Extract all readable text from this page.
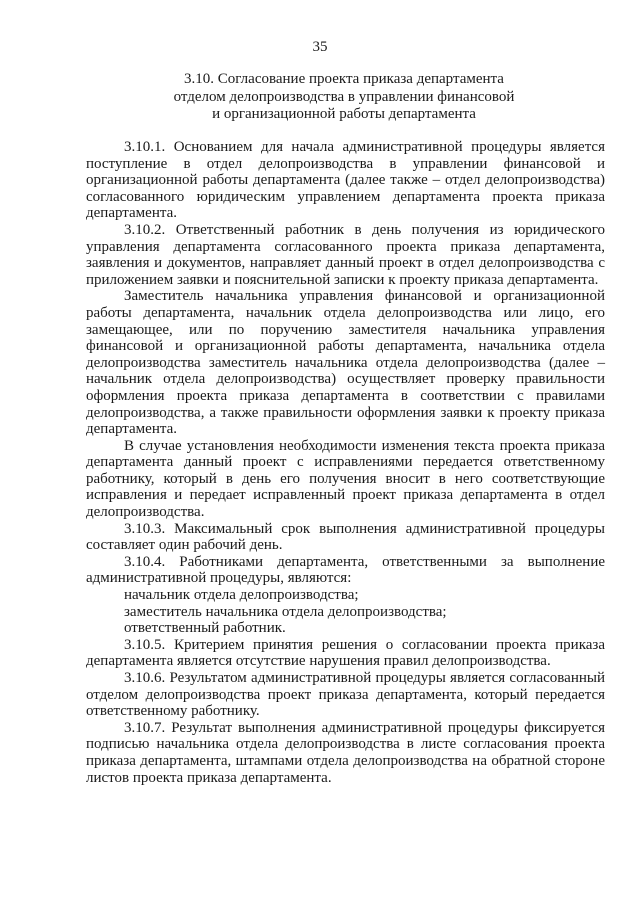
35
3.10. Согласование проекта приказа департамента
отделом делопроизводства в управлении финансовой
и организационной работы департамента

3.10.1. Основанием для начала административной процедуры является поступление в отдел делопроизводства в управлении финансовой и организационной работы департамента (далее также – отдел делопроизводства) согласованного юридическим управлением департамента проекта приказа департамента.

3.10.2. Ответственный работник в день получения из юридического управления департамента согласованного проекта приказа департамента, заявления и документов, направляет данный проект в отдел делопроизводства с приложением заявки и пояснительной записки к проекту приказа департамента.

Заместитель начальника управления финансовой и организационной работы департамента, начальник отдела делопроизводства или лицо, его замещающее, или по поручению заместителя начальника управления финансовой и организационной работы департамента, начальника отдела делопроизводства заместитель начальника отдела делопроизводства (далее – начальник отдела делопроизводства) осуществляет проверку правильности оформления проекта приказа департамента в соответствии с правилами делопроизводства, а также правильности оформления заявки к проекту приказа департамента.

В случае установления необходимости изменения текста проекта приказа департамента данный проект с исправлениями передается ответственному работнику, который в день его получения вносит в него соответствующие исправления и передает исправленный проект приказа департамента в отдел делопроизводства.

3.10.3. Максимальный срок выполнения административной процедуры составляет один рабочий день.

3.10.4. Работниками департамента, ответственными за выполнение административной процедуры, являются:

начальник отдела делопроизводства;

заместитель начальника отдела делопроизводства;

ответственный работник.

3.10.5. Критерием принятия решения о согласовании проекта приказа департамента является отсутствие нарушения правил делопроизводства.

3.10.6. Результатом административной процедуры является согласованный отделом делопроизводства проект приказа департамента, который передается ответственному работнику.

3.10.7. Результат выполнения административной процедуры фиксируется подписью начальника отдела делопроизводства в листе согласования проекта приказа департамента, штампами отдела делопроизводства на обратной стороне листов проекта приказа департамента.
